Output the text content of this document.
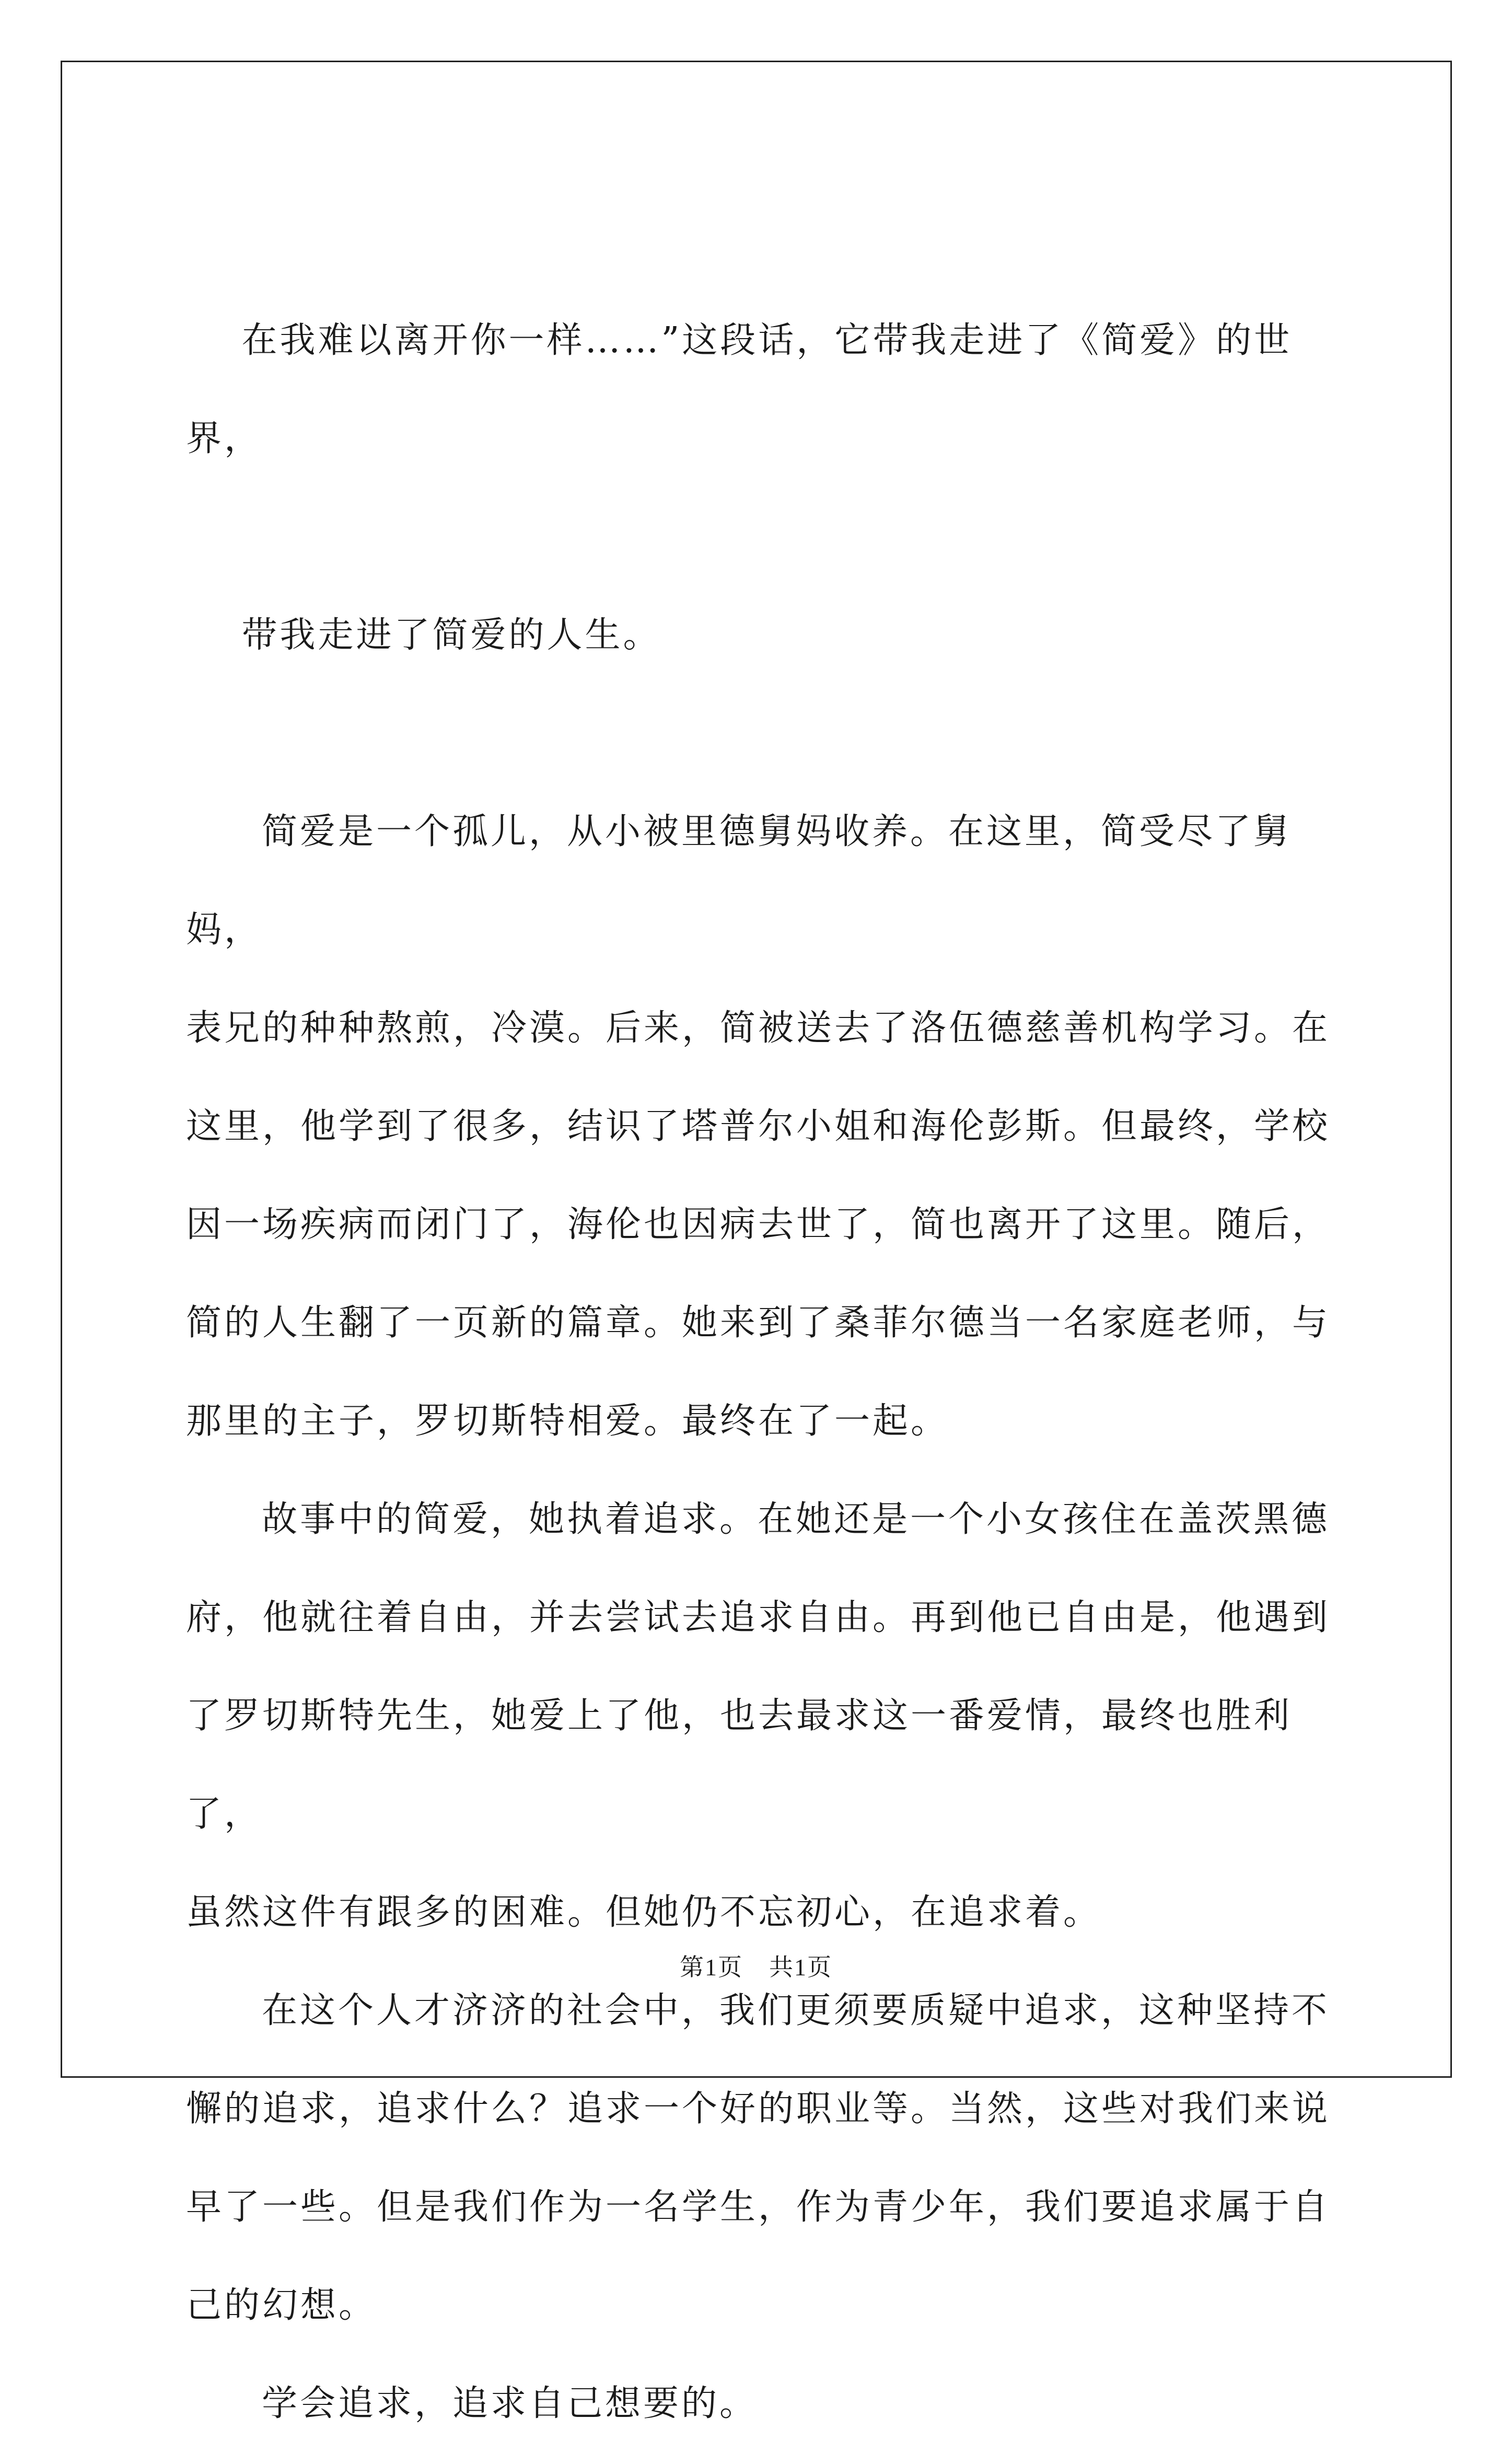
在我难以离开你一样……”这段话，它带我走进了《简爱》的世界，

带我走进了简爱的人生。

简爱是一个孤儿，从小被里德舅妈收养。在这里，简受尽了舅妈，
表兄的种种熬煎，冷漠。后来，简被送去了洛伍德慈善机构学习。在
这里，他学到了很多，结识了塔普尔小姐和海伦彭斯。但最终，学校
因一场疾病而闭门了，海伦也因病去世了，简也离开了这里。随后，
简的人生翻了一页新的篇章。她来到了桑菲尔德当一名家庭老师，与
那里的主子，罗切斯特相爱。最终在了一起。

故事中的简爱，她执着追求。在她还是一个小女孩住在盖茨黑德
府，他就往着自由，并去尝试去追求自由。再到他已自由是，他遇到
了罗切斯特先生，她爱上了他，也去最求这一番爱情，最终也胜利了，
虽然这件有跟多的困难。但她仍不忘初心，在追求着。

在这个人才济济的社会中，我们更须要质疑中追求，这种坚持不
懈的追求，追求什么？追求一个好的职业等。当然，这些对我们来说
早了一些。但是我们作为一名学生，作为青少年，我们要追求属于自
己的幻想。

学会追求，追求自己想要的。

第1页 共1页
